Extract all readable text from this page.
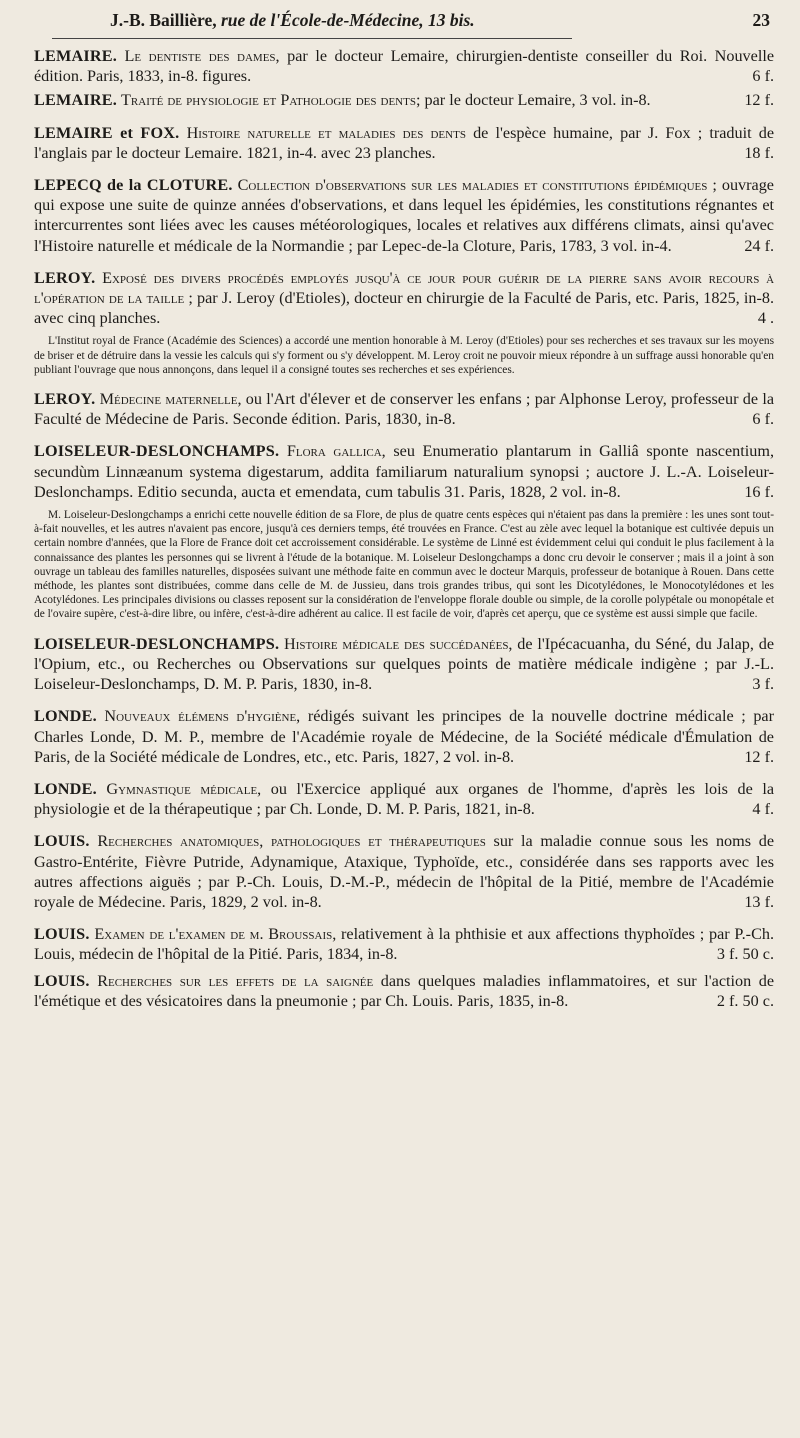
J.-B. Baillière, rue de l'École-de-Médecine, 13 bis.	23

LEMAIRE. Le dentiste des dames, par le docteur Lemaire, chirurgien-dentiste conseiller du Roi. Nouvelle édition. Paris, 1833, in-8. figures.	6 f.

LEMAIRE. Traité de physiologie et Pathologie des dents; par le docteur Lemaire, 3 vol. in-8.	12 f.

LEMAIRE et FOX. Histoire naturelle et maladies des dents de l'espèce humaine, par J. Fox ; traduit de l'anglais par le docteur Lemaire. 1821, in-4. avec 23 planches.	18 f.

LEPECQ de la CLOTURE. Collection d'observations sur les maladies et constitutions épidémiques ; ouvrage qui expose une suite de quinze années d'observations, et dans lequel les épidémies, les constitutions régnantes et intercurrentes sont liées avec les causes météorologiques, locales et relatives aux différens climats, ainsi qu'avec l'Histoire naturelle et médicale de la Normandie ; par Lepec-de-la Cloture, Paris, 1783, 3 vol. in-4.	24 f.

LEROY. Exposé des divers procédés employés jusqu'à ce jour pour guérir de la pierre sans avoir recours à l'opération de la taille ; par J. Leroy (d'Etioles), docteur en chirurgie de la Faculté de Paris, etc. Paris, 1825, in-8. avec cinq planches.	4 .

L'Institut royal de France (Académie des Sciences) a accordé une mention honorable à M. Leroy (d'Etioles) pour ses recherches et ses travaux sur les moyens de briser et de détruire dans la vessie les calculs qui s'y forment ou s'y développent. M. Leroy croit ne pouvoir mieux répondre à un suffrage aussi honorable qu'en publiant l'ouvrage que nous annonçons, dans lequel il a consigné toutes ses recherches et ses expériences.

LEROY. Médecine maternelle, ou l'Art d'élever et de conserver les enfans ; par Alphonse Leroy, professeur de la Faculté de Médecine de Paris. Seconde édition. Paris, 1830, in-8.	6 f.

LOISELEUR-DESLONCHAMPS. Flora gallica, seu Enumeratio plantarum in Galliâ sponte nascentium, secundùm Linnæanum systema digestarum, addita familiarum naturalium synopsi ; auctore J. L.-A. Loiseleur-Deslonchamps. Editio secunda, aucta et emendata, cum tabulis 31. Paris, 1828, 2 vol. in-8.	16 f.

M. Loiseleur-Deslongchamps a enrichi cette nouvelle édition de sa Flore, de plus de quatre cents espèces qui n'étaient pas dans la première : les unes sont tout-à-fait nouvelles, et les autres n'avaient pas encore, jusqu'à ces derniers temps, été trouvées en France. C'est au zèle avec lequel la botanique est cultivée depuis un certain nombre d'années, que la Flore de France doit cet accroissement considérable. Le système de Linné est évidemment celui qui conduit le plus facilement à la connaissance des plantes les personnes qui se livrent à l'étude de la botanique. M. Loiseleur Deslongchamps a donc cru devoir le conserver ; mais il a joint à son ouvrage un tableau des familles naturelles, disposées suivant une méthode faite en commun avec le docteur Marquis, professeur de botanique à Rouen. Dans cette méthode, les plantes sont distribuées, comme dans celle de M. de Jussieu, dans trois grandes tribus, qui sont les Dicotylédones, le Monocotylédones et les Acotylédones. Les principales divisions ou classes reposent sur la considération de l'enveloppe florale double ou simple, de la corolle polypétale ou monopétale et de l'ovaire supère, c'est-à-dire libre, ou infère, c'est-à-dire adhérent au calice. Il est facile de voir, d'après cet aperçu, que ce système est aussi simple que facile.

LOISELEUR-DESLONCHAMPS. Histoire médicale des succédanées, de l'Ipécacuanha, du Séné, du Jalap, de l'Opium, etc., ou Recherches ou Observations sur quelques points de matière médicale indigène ; par J.-L. Loiseleur-Deslonchamps, D. M. P. Paris, 1830, in-8.	3 f.

LONDE. Nouveaux élémens d'hygiène, rédigés suivant les principes de la nouvelle doctrine médicale ; par Charles Londe, D. M. P., membre de l'Académie royale de Médecine, de la Société médicale d'Émulation de Paris, de la Société médicale de Londres, etc., etc. Paris, 1827, 2 vol. in-8.	12 f.

LONDE. Gymnastique médicale, ou l'Exercice appliqué aux organes de l'homme, d'après les lois de la physiologie et de la thérapeutique ; par Ch. Londe, D. M. P. Paris, 1821, in-8.	4 f.

LOUIS. Recherches anatomiques, pathologiques et thérapeutiques sur la maladie connue sous les noms de Gastro-Entérite, Fièvre Putride, Adynamique, Ataxique, Typhoïde, etc., considérée dans ses rapports avec les autres affections aiguës ; par P.-Ch. Louis, D.-M.-P., médecin de l'hôpital de la Pitié, membre de l'Académie royale de Médecine. Paris, 1829, 2 vol. in-8.	13 f.

LOUIS. Examen de l'examen de m. Broussais, relativement à la phthisie et aux affections thyphoïdes ; par P.-Ch. Louis, médecin de l'hôpital de la Pitié. Paris, 1834, in-8.	3 f. 50 c.

LOUIS. Recherches sur les effets de la saignée dans quelques maladies inflammatoires, et sur l'action de l'émétique et des vésicatoires dans la pneumonie ; par Ch. Louis. Paris, 1835, in-8.	2 f. 50 c.
